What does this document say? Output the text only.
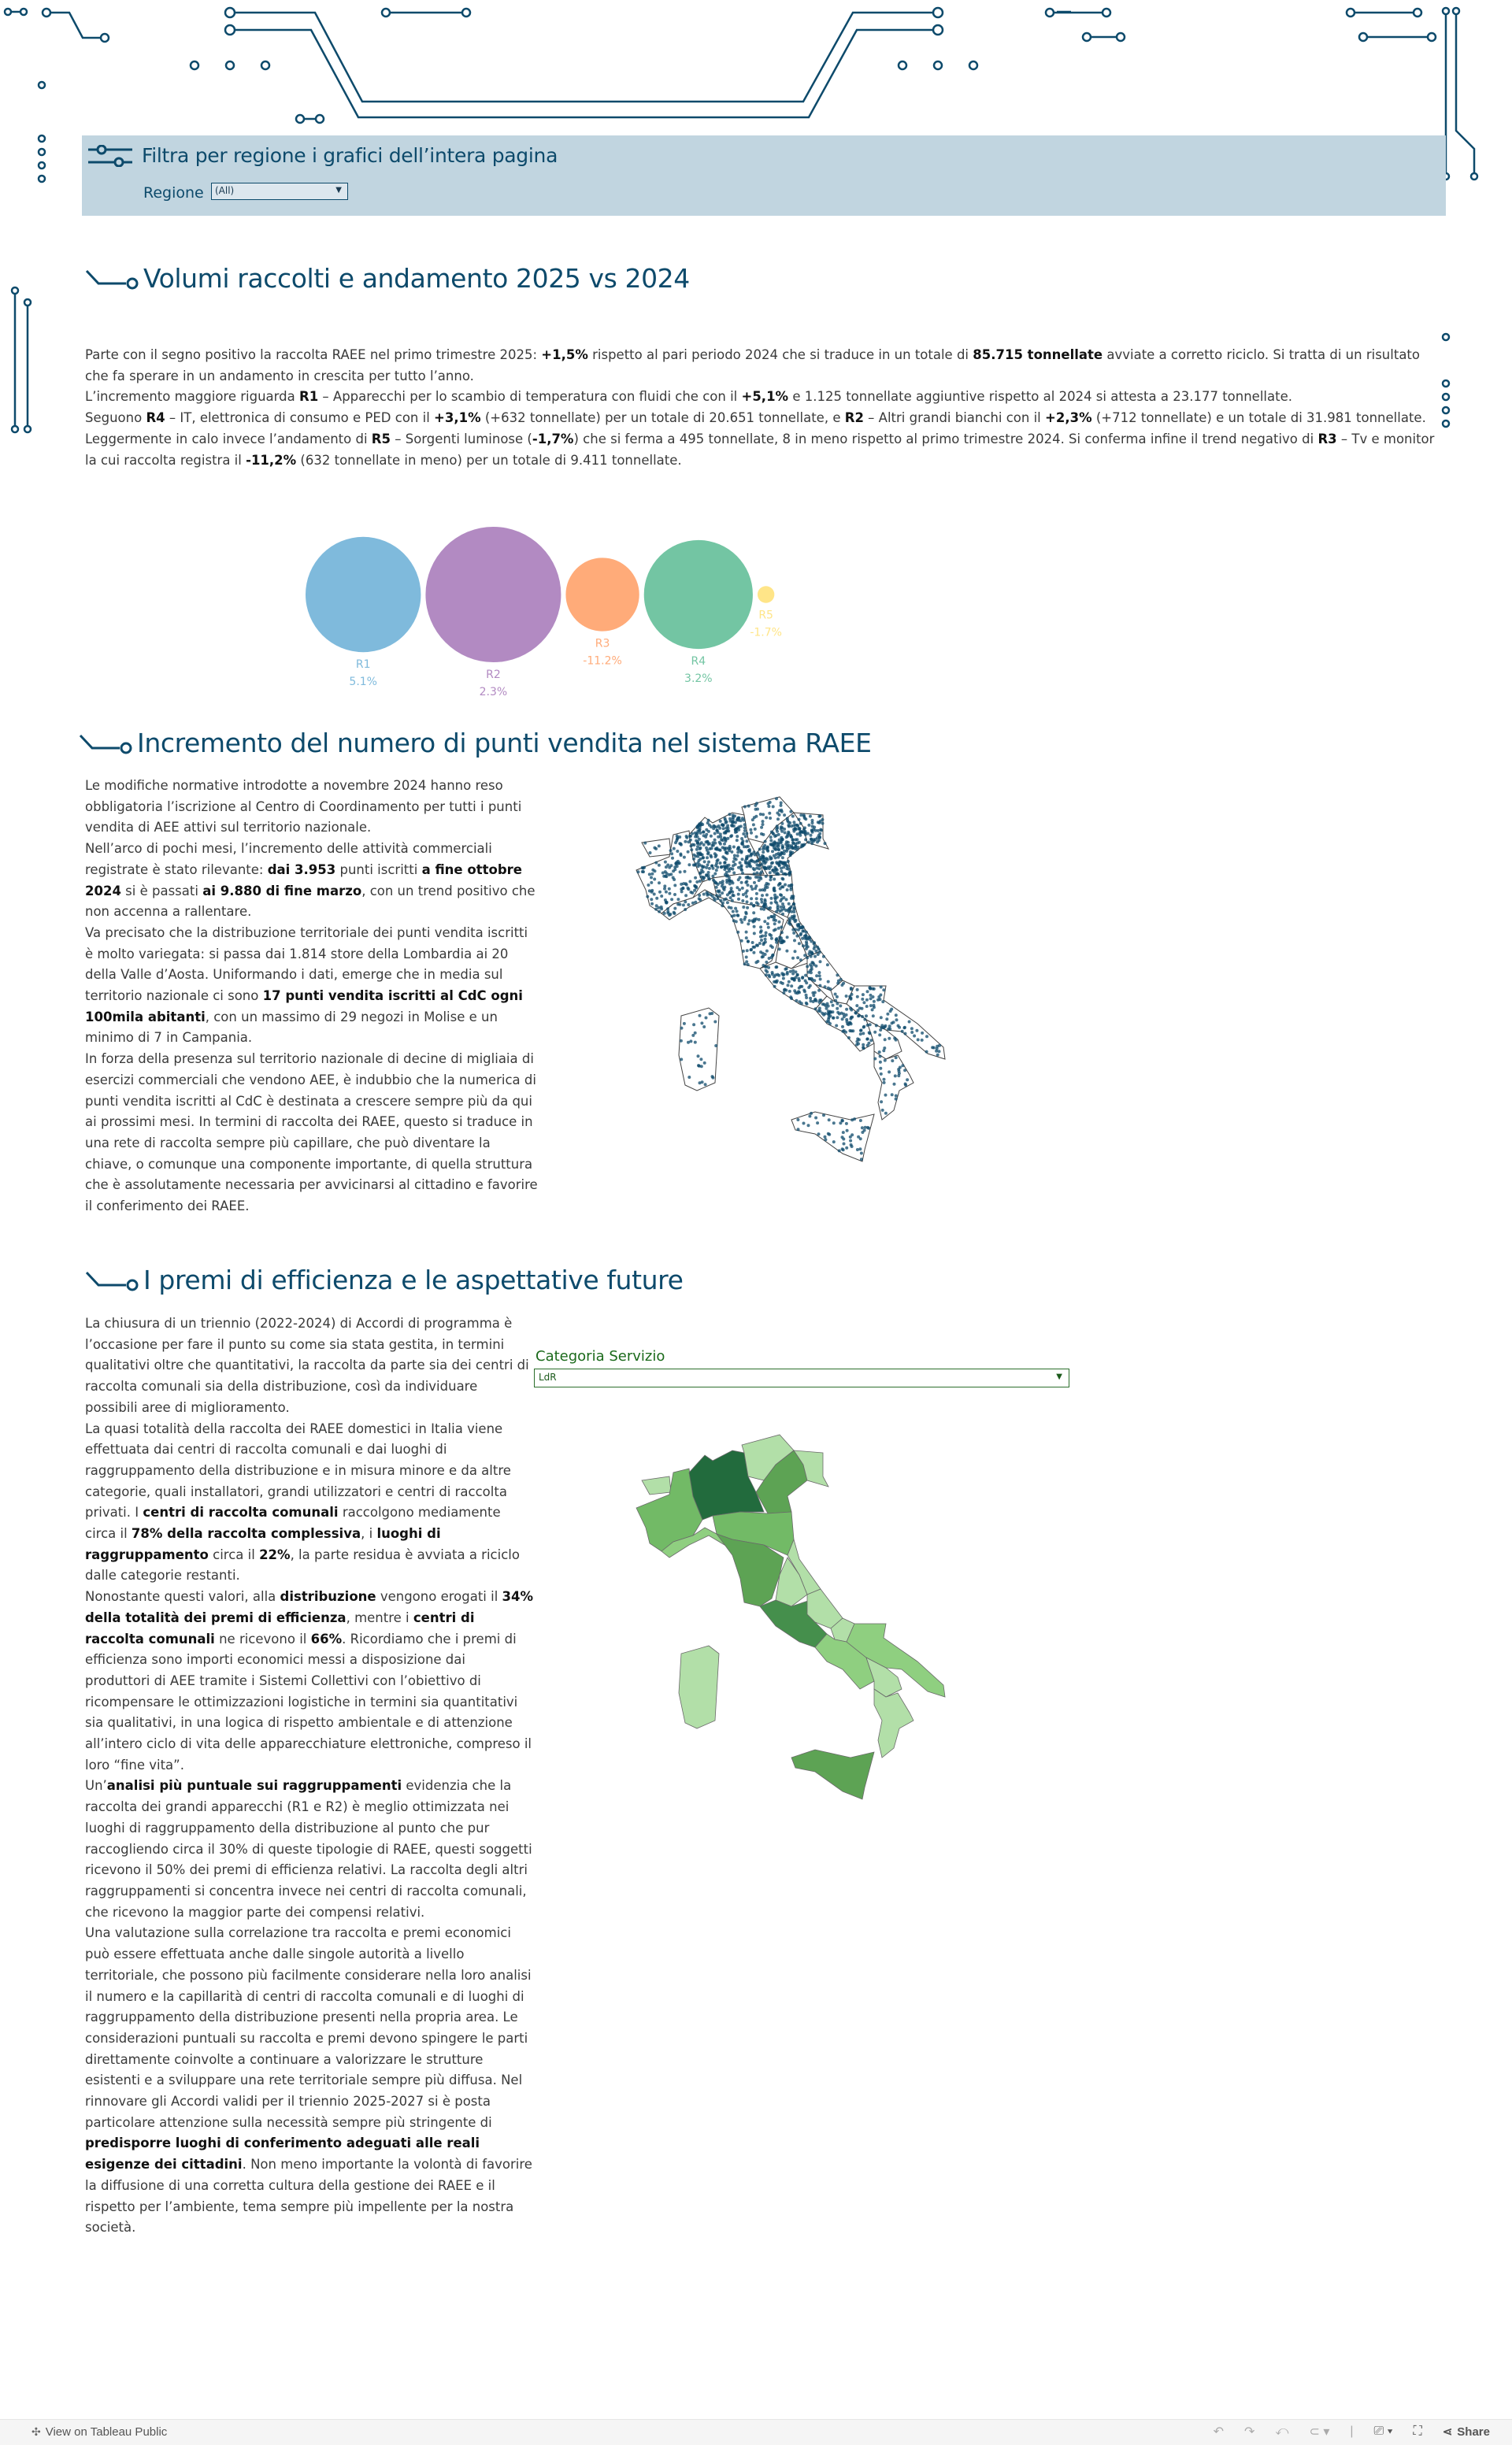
Filtra per regione i grafici dell’intera pagina
Regione	(All)	▼
Volumi raccolti e andamento 2025 vs 2024

Parte con il segno positivo la raccolta RAEE nel primo trimestre 2025: +1,5% rispetto al pari periodo 2024 che si traduce in un totale di 85.715 tonnellate avviate a corretto riciclo. Si tratta di un risultato che fa sperare in un andamento in crescita per tutto l’anno.

L’incremento maggiore riguarda R1 – Apparecchi per lo scambio di temperatura con fluidi che con il +5,1% e 1.125 tonnellate aggiuntive rispetto al 2024 si attesta a 23.177 tonnellate.

Seguono R4 – IT, elettronica di consumo e PED con il +3,1% (+632 tonnellate) per un totale di 20.651 tonnellate, e R2 – Altri grandi bianchi con il +2,3% (+712 tonnellate) e un totale di 31.981 tonnellate.

Leggermente in calo invece l’andamento di R5 – Sorgenti luminose (-1,7%) che si ferma a 495 tonnellate, 8 in meno rispetto al primo trimestre 2024. Si conferma infine il trend negativo di R3 – Tv e monitor la cui raccolta registra il -11,2% (632 tonnellate in meno) per un totale di 9.411 tonnellate.

R1
5.1%
R2
2.3%
R3
-11.2%	R4
3.2%
R5
-1.7%
Incremento del numero di punti vendita nel sistema RAEE

Le modifiche normative introdotte a novembre 2024 hanno reso obbligatoria l’iscrizione al Centro di Coordinamento per tutti i punti vendita di AEE attivi sul territorio nazionale.

Nell’arco di pochi mesi, l’incremento delle attività commerciali registrate è stato rilevante: dai 3.953 punti iscritti a fine ottobre 2024 si è passati ai 9.880 di fine marzo, con un trend positivo che non accenna a rallentare.

Va precisato che la distribuzione territoriale dei punti vendita iscritti è molto variegata: si passa dai 1.814 store della Lombardia ai 20 della Valle d’Aosta. Uniformando i dati, emerge che in media sul territorio nazionale ci sono 17 punti vendita iscritti al CdC ogni 100mila abitanti, con un massimo di 29 negozi in Molise e un minimo di 7 in Campania.

In forza della presenza sul territorio nazionale di decine di migliaia di esercizi commerciali che vendono AEE, è indubbio che la numerica di punti vendita iscritti al CdC è destinata a crescere sempre più da qui ai prossimi mesi. In termini di raccolta dei RAEE, questo si traduce in una rete di raccolta sempre più capillare, che può diventare la chiave, o comunque una componente importante, di quella struttura che è assolutamente necessaria per avvicinarsi al cittadino e favorire il conferimento dei RAEE.

I premi di efficienza e le aspettative future

La chiusura di un triennio (2022-2024) di Accordi di programma è l’occasione per fare il punto su come sia stata gestita, in termini qualitativi oltre che quantitativi, la raccolta da parte sia dei centri di raccolta comunali sia della distribuzione, così da individuare possibili aree di miglioramento.

La quasi totalità della raccolta dei RAEE domestici in Italia viene effettuata dai centri di raccolta comunali e dai luoghi di raggruppamento della distribuzione e in misura minore e da altre categorie, quali installatori, grandi utilizzatori e centri di raccolta privati. I centri di raccolta comunali raccolgono mediamente circa il 78% della raccolta complessiva, i luoghi di raggruppamento circa il 22%, la parte residua è avviata a riciclo dalle categorie restanti.

Nonostante questi valori, alla distribuzione vengono erogati il 34% della totalità dei premi di efficienza, mentre i centri di raccolta comunali ne ricevono il 66%. Ricordiamo che i premi di efficienza sono importi economici messi a disposizione dai produttori di AEE tramite i Sistemi Collettivi con l’obiettivo di ricompensare le ottimizzazioni logistiche in termini sia quantitativi sia qualitativi, in una logica di rispetto ambientale e di attenzione all’intero ciclo di vita delle apparecchiature elettroniche, compreso il loro “fine vita”.

Un’analisi più puntuale sui raggruppamenti evidenzia che la raccolta dei grandi apparecchi (R1 e R2) è meglio ottimizzata nei luoghi di raggruppamento della distribuzione al punto che pur raccogliendo circa il 30% di queste tipologie di RAEE, questi soggetti ricevono il 50% dei premi di efficienza relativi. La raccolta degli altri raggruppamenti si concentra invece nei centri di raccolta comunali, che ricevono la maggior parte dei compensi relativi.

Una valutazione sulla correlazione tra raccolta e premi economici può essere effettuata anche dalle singole autorità a livello territoriale, che possono più facilmente considerare nella loro analisi il numero e la capillarità di centri di raccolta comunali e di luoghi di raggruppamento della distribuzione presenti nella propria area. Le considerazioni puntuali su raccolta e premi devono spingere le parti direttamente coinvolte a continuare a valorizzare le strutture esistenti e a sviluppare una rete territoriale sempre più diffusa. Nel rinnovare gli Accordi validi per il triennio 2025-2027 si è posta particolare attenzione sulla necessità sempre più stringente di predisporre luoghi di conferimento adeguati alle reali esigenze dei cittadini. Non meno importante la volontà di favorire la diffusione di una corretta cultura della gestione dei RAEE e il rispetto per l’ambiente, tema sempre più impellente per la nostra società.

Categoria Servizio
LdR	▼
✣ View on Tableau Public	↶ ↷ ⤺ ⊂ ▾ | ⎚ ▾ ⛶ ⋖ Share
